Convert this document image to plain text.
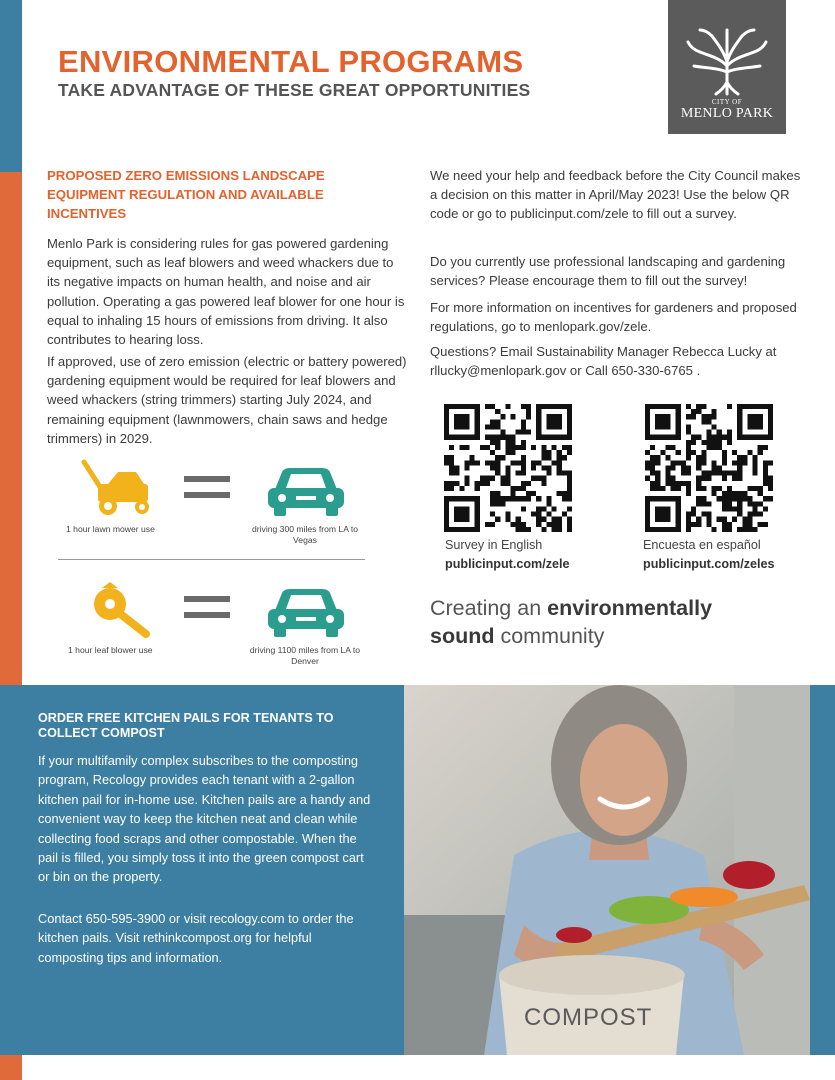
ENVIRONMENTAL PROGRAMS
TAKE ADVANTAGE OF THESE GREAT OPPORTUNITIES
CITY OF
MENLO PARK
PROPOSED ZERO EMISSIONS LANDSCAPE EQUIPMENT REGULATION AND AVAILABLE INCENTIVES
Menlo Park is considering rules for gas powered gardening equipment, such as leaf blowers and weed whackers due to its negative impacts on human health, and noise and air pollution. Operating a gas powered leaf blower for one hour is equal to inhaling 15 hours of emissions from driving. It also contributes to hearing loss.
If approved, use of zero emission (electric or battery powered) gardening equipment would be required for leaf blowers and weed whackers (string trimmers) starting July 2024, and remaining equipment (lawnmowers, chain saws and hedge trimmers) in 2029.
We need your help and feedback before the City Council makes a decision on this matter in April/May 2023! Use the below QR code or go to publicinput.com/zele to fill out a survey.
Do you currently use professional landscaping and gardening services? Please encourage them to fill out the survey!
For more information on incentives for gardeners and proposed regulations, go to menlopark.gov/zele.
Questions? Email Sustainability Manager Rebecca Lucky at rllucky@menlopark.gov or Call 650-330-6765 .
1 hour lawn mower use	driving 300 miles from LA to Vegas
1 hour leaf blower use	driving 1100 miles from LA to Denver
Survey in English
publicinput.com/zele
Encuesta en español
publicinput.com/zeles
Creating an environmentally
sound community
ORDER FREE KITCHEN PAILS FOR TENANTS TO COLLECT COMPOST
If your multifamily complex subscribes to the composting program, Recology provides each tenant with a 2-gallon kitchen pail for in-home use. Kitchen pails are a handy and convenient way to keep the kitchen neat and clean while collecting food scraps and other compostable. When the pail is filled, you simply toss it into the green compost cart or bin on the property.
Contact 650-595-3900 or visit recology.com to order the kitchen pails. Visit rethinkcompost.org for helpful composting tips and information.
COMPOST
